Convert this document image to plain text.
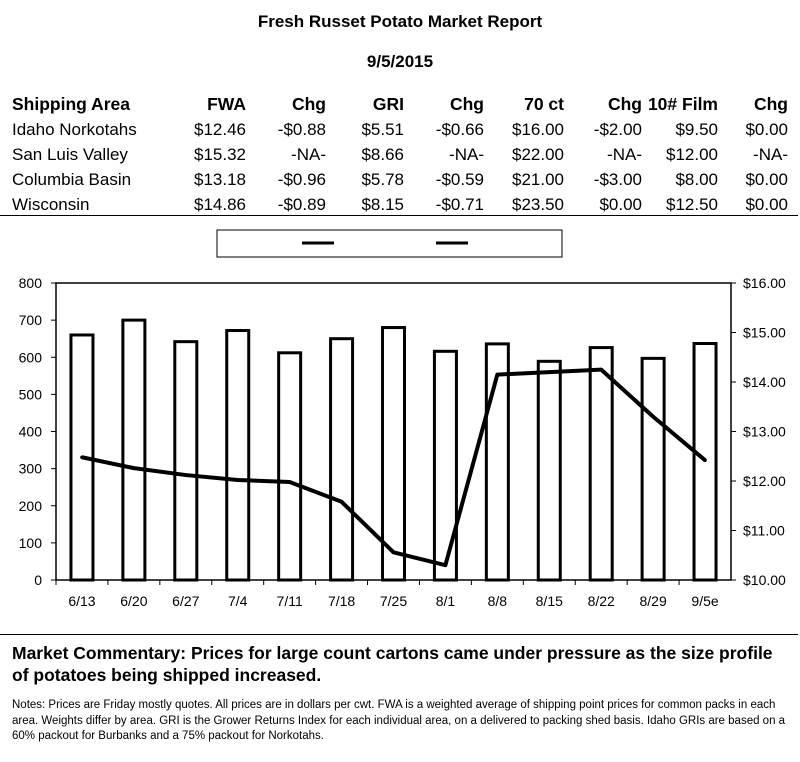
Fresh Russet Potato Market Report
9/5/2015
Shipping Area	FWA	Chg	GRI	Chg	70 ct	Chg	10# Film	Chg
Idaho Norkotahs	$12.46	-$0.88	$5.51	-$0.66	$16.00	-$2.00	$9.50	$0.00
San Luis Valley	$15.32	-NA-	$8.66	-NA-	$22.00	-NA-	$12.00	-NA-
Columbia Basin	$13.18	-$0.96	$5.78	-$0.59	$21.00	-$3.00	$8.00	$0.00
Wisconsin	$14.86	-$0.89	$8.15	-$0.71	$23.50	$0.00	$12.50	$0.00
0
100
200
300
400
500
600
700
800
$10.00
$11.00
$12.00
$13.00
$14.00
$15.00
$16.00
6/13 6/20 6/27 7/4 7/11 7/18 7/25 8/1 8/8 8/15 8/22 8/29 9/5e
Market Commentary: Prices for large count cartons came under pressure as the size profile of potatoes being shipped increased.
Notes: Prices are Friday mostly quotes. All prices are in dollars per cwt. FWA is a weighted average of shipping point prices for common packs in each area. Weights differ by area. GRI is the Grower Returns Index for each individual area, on a delivered to packing shed basis. Idaho GRIs are based on a 60% packout for Burbanks and a 75% packout for Norkotahs.
